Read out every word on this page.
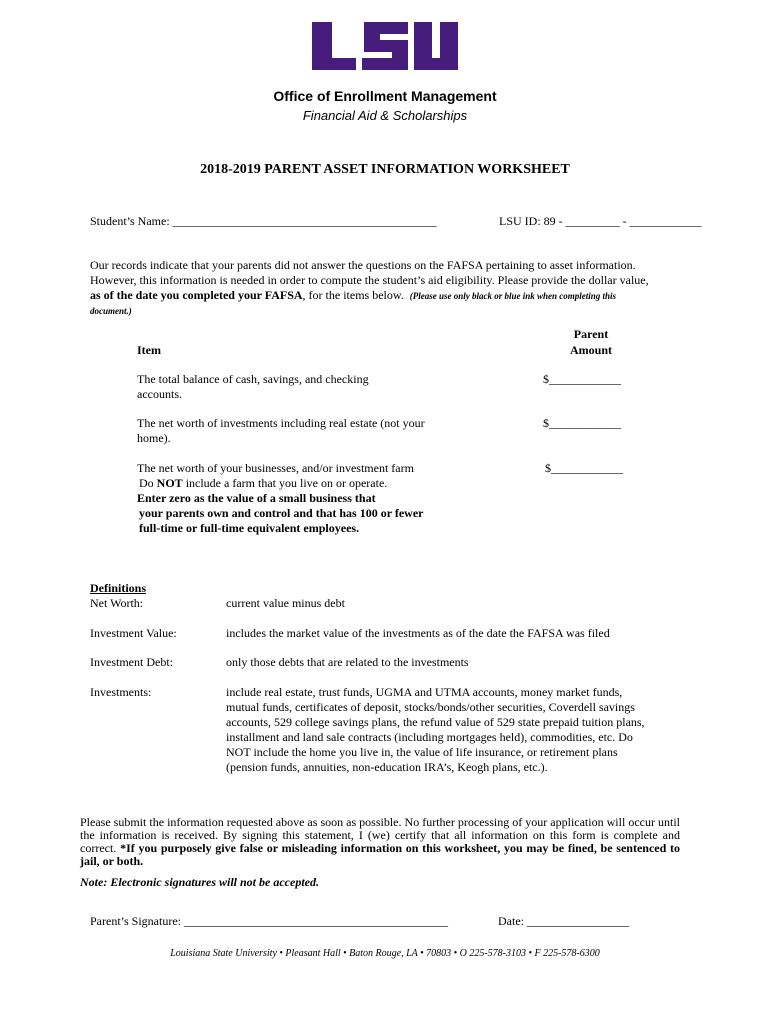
Office of Enrollment Management
Financial Aid & Scholarships
2018-2019 PARENT ASSET INFORMATION WORKSHEET
Student’s Name: ____________________________________________	LSU ID: 89 - _________ - ____________
Our records indicate that your parents did not answer the questions on the FAFSA pertaining to asset information.
However, this information is needed in order to compute the student’s aid eligibility. Please provide the dollar value,
as of the date you completed your FAFSA, for the items below. (Please use only black or blue ink when completing this
document.)
Item
Parent
Amount
The total balance of cash, savings, and checking
accounts.
$____________
The net worth of investments including real estate (not your
home).
$____________
The net worth of your businesses, and/or investment farm
Do NOT include a farm that you live on or operate.
Enter zero as the value of a small business that
your parents own and control and that has 100 or fewer
full-time or full-time equivalent employees.
$____________
Definitions
Net Worth:	current value minus debt
Investment Value:	includes the market value of the investments as of the date the FAFSA was filed
Investment Debt:	only those debts that are related to the investments
Investments:	include real estate, trust funds, UGMA and UTMA accounts, money market funds,
mutual funds, certificates of deposit, stocks/bonds/other securities, Coverdell savings
accounts, 529 college savings plans, the refund value of 529 state prepaid tuition plans,
installment and land sale contracts (including mortgages held), commodities, etc. Do
NOT include the home you live in, the value of life insurance, or retirement plans
(pension funds, annuities, non-education IRA’s, Keogh plans, etc.).
Please submit the information requested above as soon as possible. No further processing of your application will occur until the information is received. By signing this statement, I (we) certify that all information on this form is complete and correct. *If you purposely give false or misleading information on this worksheet, you may be fined, be sentenced to jail, or both.
Note: Electronic signatures will not be accepted.
Parent’s Signature: ____________________________________________	Date: _________________
Louisiana State University • Pleasant Hall • Baton Rouge, LA • 70803 • O 225-578-3103 • F 225-578-6300
